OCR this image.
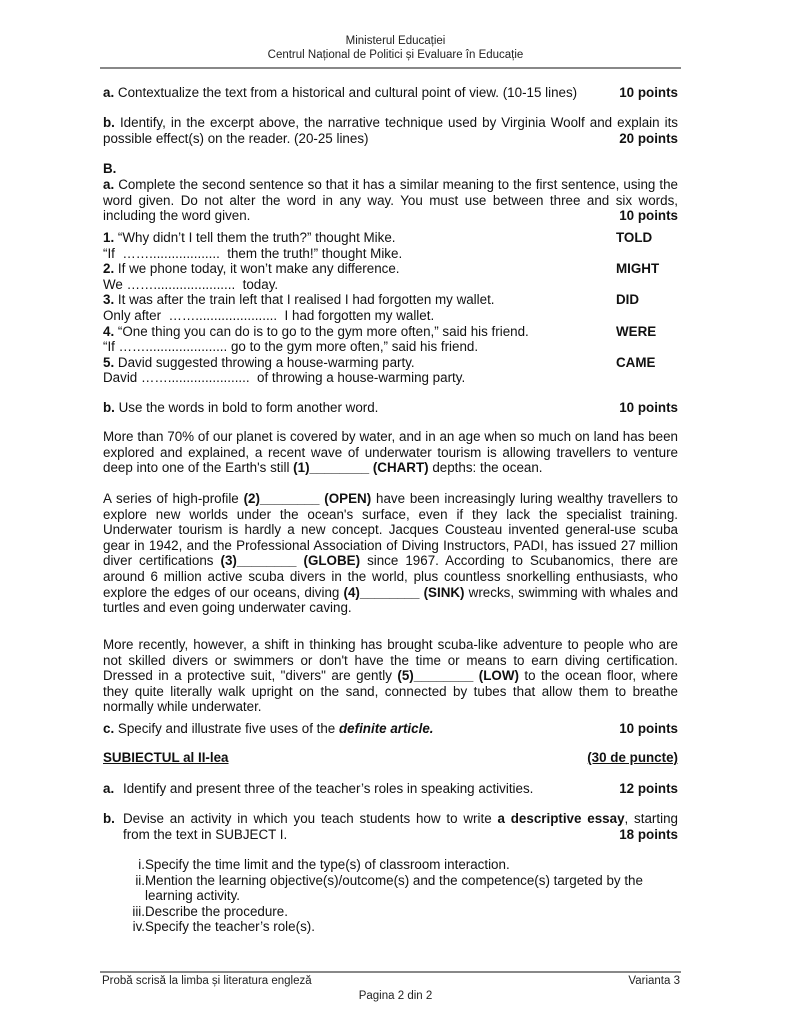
Ministerul Educației
Centrul Național de Politici și Evaluare în Educație
a. Contextualize the text from a historical and cultural point of view. (10-15 lines)	10 points
b. Identify, in the excerpt above, the narrative technique used by Virginia Woolf and explain its possible effect(s) on the reader. (20-25 lines)	20 points
B.
a. Complete the second sentence so that it has a similar meaning to the first sentence, using the word given. Do not alter the word in any way. You must use between three and six words, including the word given.	10 points
1. “Why didn’t I tell them the truth?” thought Mike.	TOLD
“If  ……...................  them the truth!” thought Mike.
2. If we phone today, it won’t make any difference.	MIGHT
We ……......................  today.
3. It was after the train left that I realised I had forgotten my wallet.	DID
Only after  ……......................  I had forgotten my wallet.
4. “One thing you can do is to go to the gym more often,” said his friend.	WERE
“If ……...................... go to the gym more often,” said his friend.
5. David suggested throwing a house-warming party.	CAME
David ……......................  of throwing a house-warming party.
b. Use the words in bold to form another word.	10 points
More than 70% of our planet is covered by water, and in an age when so much on land has been explored and explained, a recent wave of underwater tourism is allowing travellers to venture deep into one of the Earth's still (1)________ (CHART) depths: the ocean.
A series of high-profile (2)________ (OPEN) have been increasingly luring wealthy travellers to explore new worlds under the ocean's surface, even if they lack the specialist training. Underwater tourism is hardly a new concept. Jacques Cousteau invented general-use scuba gear in 1942, and the Professional Association of Diving Instructors, PADI, has issued 27 million diver certifications (3)________ (GLOBE) since 1967. According to Scubanomics, there are around 6 million active scuba divers in the world, plus countless snorkelling enthusiasts, who explore the edges of our oceans, diving (4)________ (SINK) wrecks, swimming with whales and turtles and even going underwater caving.
More recently, however, a shift in thinking has brought scuba-like adventure to people who are not skilled divers or swimmers or don't have the time or means to earn diving certification. Dressed in a protective suit, "divers" are gently (5)________ (LOW) to the ocean floor, where they quite literally walk upright on the sand, connected by tubes that allow them to breathe normally while underwater.
c. Specify and illustrate five uses of the definite article.	10 points
SUBIECTUL al II-lea	(30 de puncte)
a. Identify and present three of the teacher’s roles in speaking activities.	12 points
b. Devise an activity in which you teach students how to write a descriptive essay, starting from the text in SUBJECT I.	18 points
i. Specify the time limit and the type(s) of classroom interaction.
ii. Mention the learning objective(s)/outcome(s) and the competence(s) targeted by the learning activity.
iii. Describe the procedure.
iv. Specify the teacher’s role(s).
Probă scrisă la limba și literatura engleză	Varianta 3
Pagina 2 din 2
